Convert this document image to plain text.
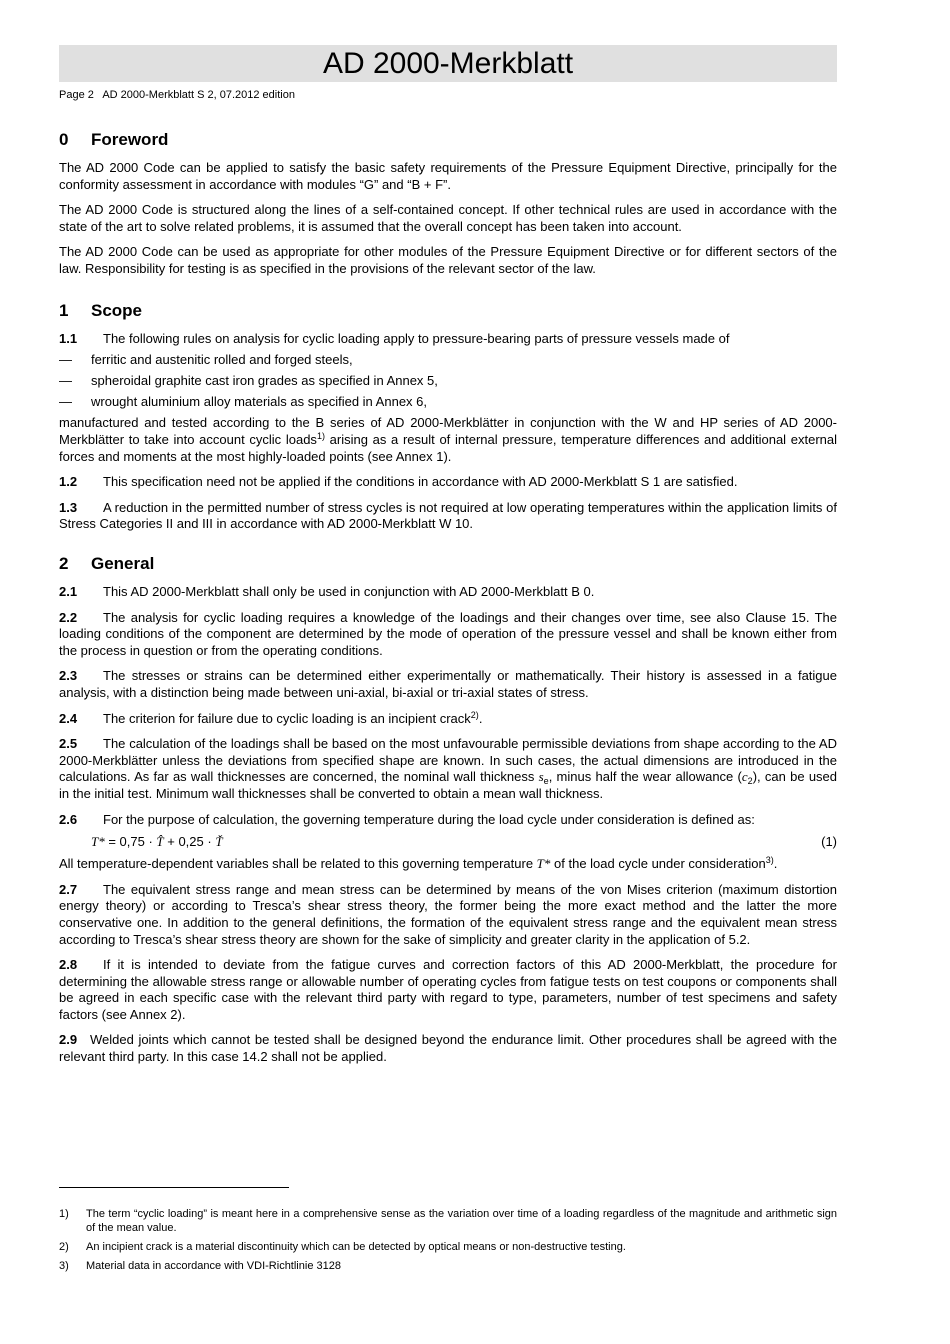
AD 2000-Merkblatt
Page 2 AD 2000-Merkblatt S 2, 07.2012 edition
0	Foreword

The AD 2000 Code can be applied to satisfy the basic safety requirements of the Pressure Equipment Directive, principally for the conformity assessment in accordance with modules “G” and “B + F”.

The AD 2000 Code is structured along the lines of a self-contained concept. If other technical rules are used in accordance with the state of the art to solve related problems, it is assumed that the overall concept has been taken into account.

The AD 2000 Code can be used as appropriate for other modules of the Pressure Equipment Directive or for different sectors of the law. Responsibility for testing is as specified in the provisions of the relevant sector of the law.

1	Scope

1.1 The following rules on analysis for cyclic loading apply to pressure-bearing parts of pressure vessels made of

—	ferritic and austenitic rolled and forged steels,
—	spheroidal graphite cast iron grades as specified in Annex 5,
—	wrought aluminium alloy materials as specified in Annex 6,

manufactured and tested according to the B series of AD 2000-Merkblätter in conjunction with the W and HP series of AD 2000-Merkblätter to take into account cyclic loads$^{1)}$ arising as a result of internal pressure, temperature differences and additional external forces and moments at the most highly-loaded points (see Annex 1).

1.2 This specification need not be applied if the conditions in accordance with AD 2000-Merkblatt S 1 are satisfied.

1.3 A reduction in the permitted number of stress cycles is not required at low operating temperatures within the application limits of Stress Categories II and III in accordance with AD 2000-Merkblatt W 10.

2	General

2.1 This AD 2000-Merkblatt shall only be used in conjunction with AD 2000-Merkblatt B 0.

2.2 The analysis for cyclic loading requires a knowledge of the loadings and their changes over time, see also Clause 15. The loading conditions of the component are determined by the mode of operation of the pressure vessel and shall be known either from the process in question or from the operating conditions.

2.3 The stresses or strains can be determined either experimentally or mathematically. Their history is assessed in a fatigue analysis, with a distinction being made between uni-axial, bi-axial or tri-axial states of stress.

2.4 The criterion for failure due to cyclic loading is an incipient crack$^{2)}$.

2.5 The calculation of the loadings shall be based on the most unfavourable permissible deviations from shape according to the AD 2000-Merkblätter unless the deviations from specified shape are known. In such cases, the actual dimensions are introduced in the calculations. As far as wall thicknesses are concerned, the nominal wall thickness $s_e$, minus half the wear allowance $(c_2)$, can be used in the initial test. Minimum wall thicknesses shall be converted to obtain a mean wall thickness.

2.6 For the purpose of calculation, the governing temperature during the load cycle under consideration is defined as:

T* = 0,75 · T̂ + 0,25 · Ť	(1)

All temperature-dependent variables shall be related to this governing temperature T* of the load cycle under consideration$^{3)}$.

2.7 The equivalent stress range and mean stress can be determined by means of the von Mises criterion (maximum distortion energy theory) or according to Tresca’s shear stress theory, the former being the more exact method and the latter the more conservative one. In addition to the general definitions, the formation of the equivalent stress range and the equivalent mean stress according to Tresca’s shear stress theory are shown for the sake of simplicity and greater clarity in the application of 5.2.

2.8 If it is intended to deviate from the fatigue curves and correction factors of this AD 2000-Merkblatt, the procedure for determining the allowable stress range or allowable number of operating cycles from fatigue tests on test coupons or components shall be agreed in each specific case with the relevant third party with regard to type, parameters, number of test specimens and safety factors (see Annex 2).

2.9 Welded joints which cannot be tested shall be designed beyond the endurance limit. Other procedures shall be agreed with the relevant third party. In this case 14.2 shall not be applied.

1)	The term “cyclic loading” is meant here in a comprehensive sense as the variation over time of a loading regardless of the magnitude and arithmetic sign of the mean value.
2)	An incipient crack is a material discontinuity which can be detected by optical means or non-destructive testing.
3)	Material data in accordance with VDI-Richtlinie 3128
